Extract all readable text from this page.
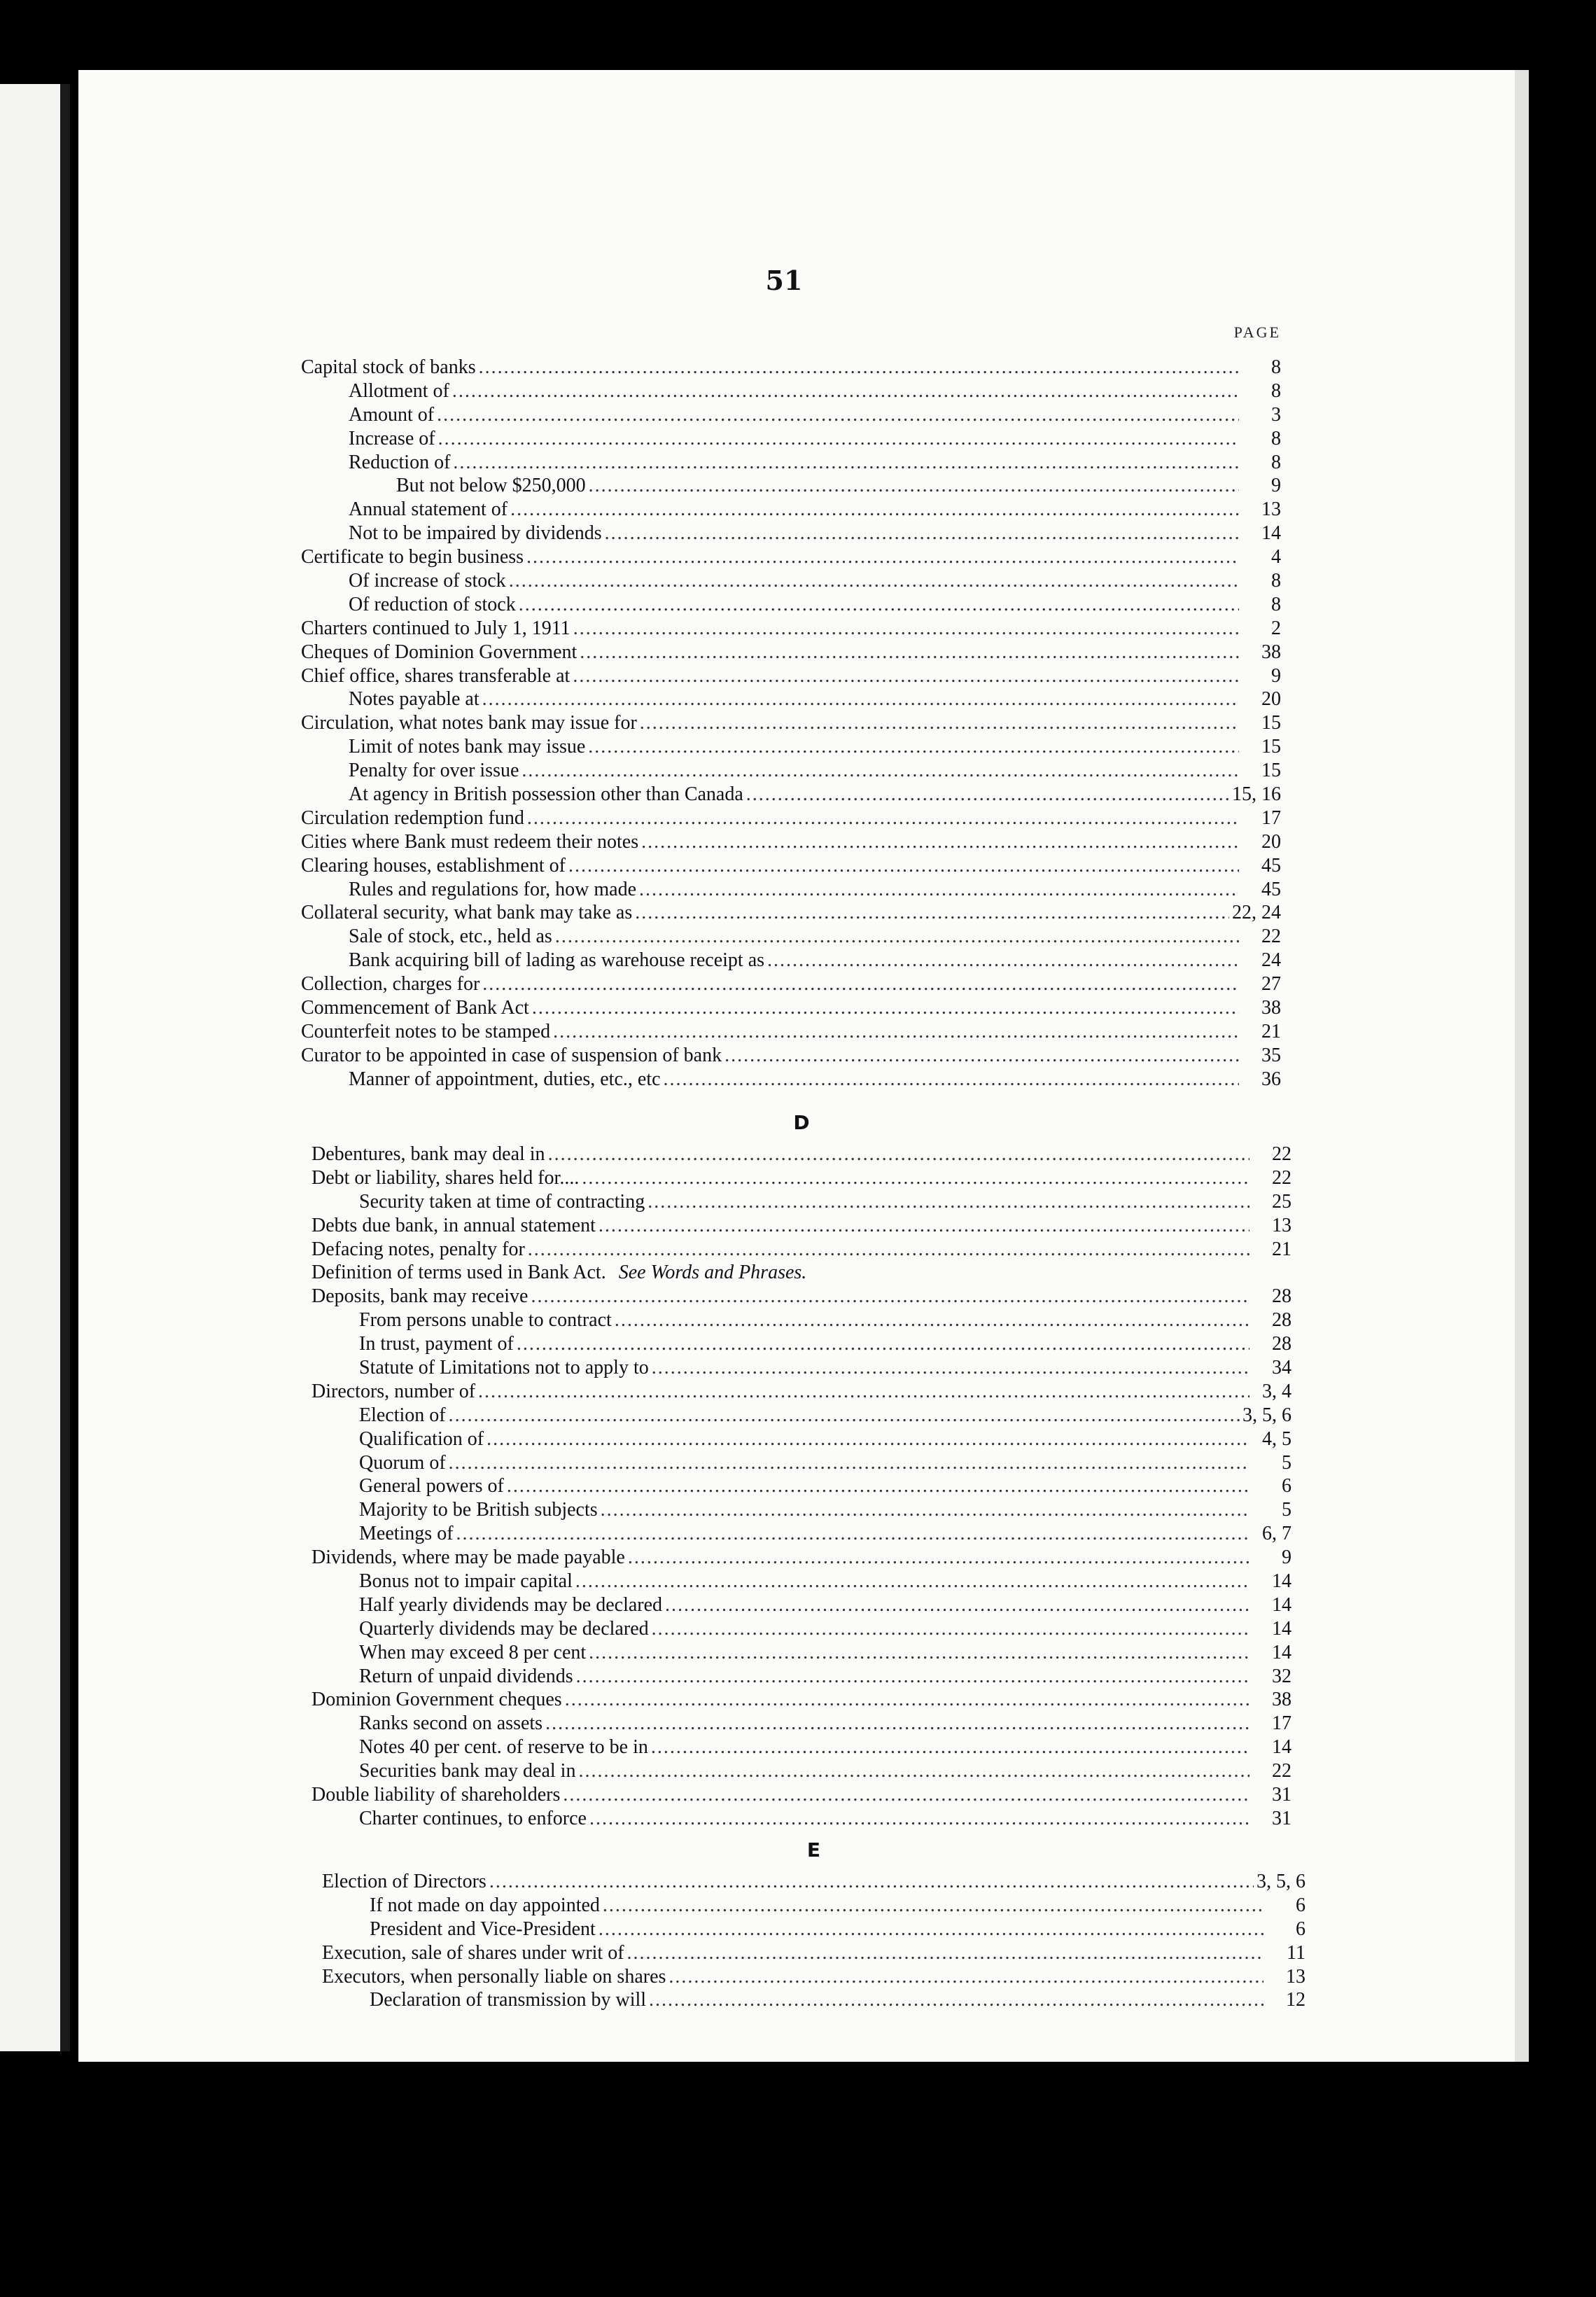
51
PAGE
Capital stock of banks .....	8
Allotment of .....	8
Amount of .....	3
Increase of .....	8
Reduction of .....	8
But not below $250,000 .....	9
Annual statement of .....	13
Not to be impaired by dividends .....	14
Certificate to begin business .....	4
Of increase of stock .....	8
Of reduction of stock .....	8
Charters continued to July 1, 1911 .....	2
Cheques of Dominion Government .....	38
Chief office, shares transferable at .....	9
Notes payable at .....	20
Circulation, what notes bank may issue for .....	15
Limit of notes bank may issue .....	15
Penalty for over issue .....	15
At agency in British possession other than Canada .....	15, 16
Circulation redemption fund .....	17
Cities where Bank must redeem their notes .....	20
Clearing houses, establishment of .....	45
Rules and regulations for, how made .....	45
Collateral security, what bank may take as .....	22, 24
Sale of stock, etc., held as .....	22
Bank acquiring bill of lading as warehouse receipt as .....	24
Collection, charges for .....	27
Commencement of Bank Act .....	38
Counterfeit notes to be stamped .....	21
Curator to be appointed in case of suspension of bank .....	35
Manner of appointment, duties, etc., etc .....	36
D
Debentures, bank may deal in .....	22
Debt or liability, shares held for.... .....	22
Security taken at time of contracting .....	25
Debts due bank, in annual statement .....	13
Defacing notes, penalty for .....	21
Definition of terms used in Bank Act. See Words and Phrases.
Deposits, bank may receive .....	28
From persons unable to contract .....	28
In trust, payment of .....	28
Statute of Limitations not to apply to .....	34
Directors, number of .....	3, 4
Election of .....	3, 5, 6
Qualification of .....	4, 5
Quorum of .....	5
General powers of .....	6
Majority to be British subjects .....	5
Meetings of .....	6, 7
Dividends, where may be made payable .....	9
Bonus not to impair capital .....	14
Half yearly dividends may be declared .....	14
Quarterly dividends may be declared .....	14
When may exceed 8 per cent .....	14
Return of unpaid dividends .....	32
Dominion Government cheques .....	38
Ranks second on assets .....	17
Notes 40 per cent. of reserve to be in .....	14
Securities bank may deal in .....	22
Double liability of shareholders .....	31
Charter continues, to enforce .....	31
E
Election of Directors .....	3, 5, 6
If not made on day appointed .....	6
President and Vice-President .....	6
Execution, sale of shares under writ of .....	11
Executors, when personally liable on shares .....	13
Declaration of transmission by will .....	12
